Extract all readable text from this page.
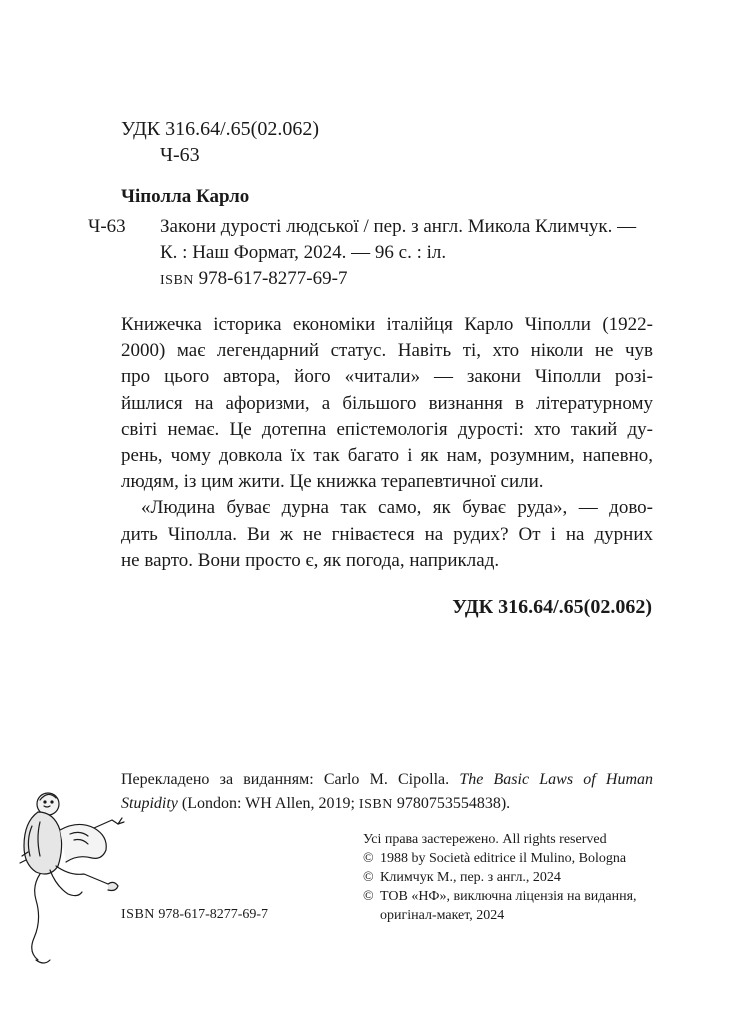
УДК 316.64/.65(02.062)
Ч-63
Чіполла Карло
Ч-63 Закони дурості людської / пер. з англ. Микола Климчук. —
К. : Наш Формат, 2024. — 96 с. : іл.
ISBN 978-617-8277-69-7
Книжечка історика економіки італійця Карло Чіполли (1922-
2000) має легендарний статус. Навіть ті, хто ніколи не чув
про цього автора, його «читали» — закони Чіполли розі-
йшлися на афоризми, а більшого визнання в літературному
світі немає. Це дотепна епістемологія дурості: хто такий ду-
рень, чому довкола їх так багато і як нам, розумним, напевно,
людям, із цим жити. Це книжка терапевтичної сили.
«Людина буває дурна так само, як буває руда», — дово-
дить Чіполла. Ви ж не гніваєтеся на рудих? От і на дурних
не варто. Вони просто є, як погода, наприклад.
УДК 316.64/.65(02.062)
Перекладено за виданням: Carlo M. Cipolla. The Basic Laws of Human
Stupidity (London: WH Allen, 2019; ISBN 9780753554838).
Усі права застережено. All rights reserved
© 1988 by Società editrice il Mulino, Bologna
© Климчук М., пер. з англ., 2024
© ТОВ «НФ», виключна ліцензія на видання,
оригінал-макет, 2024
ISBN 978-617-8277-69-7
